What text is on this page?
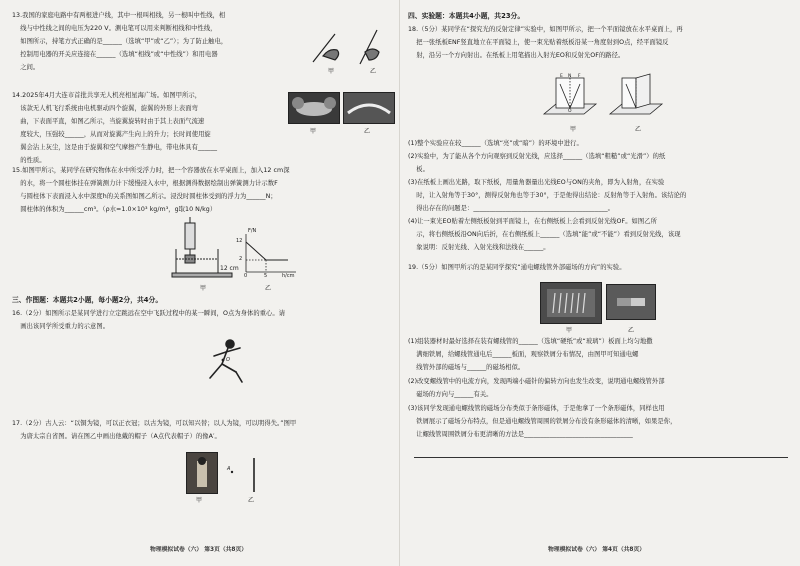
13.我国的家庭电路中有两根进户线，其中一根叫相线，另一根叫中性线，相
线与中性线之间的电压为220 V。测电笔可以用来判断相线和中性线，
如图所示，持笔方式正确的是______（选填“甲”或“乙”）；为了防止触电，
控制用电器的开关应连接在______（选填“相线”或“中性线”）和用电器
之间。
甲	乙
14.2025年4月大连市首批共享无人机亮相星海广场。如图甲所示，
该款无人机飞行系统由电机驱动四个旋翼，旋翼的外形上表面弯
曲，下表面平直，如图乙所示，当旋翼旋转时由于其上表面气流速
度较大，压强较______，从而对旋翼产生向上的升力；长时间使用旋
翼会沾上灰尘，这是由于旋翼和空气摩擦产生静电，带电体具有______
的性质。
15.如图甲所示，某同学在研究物体在水中所受浮力时，把一个容器放在水平桌面上，加入12 cm深
的水，将一个圆柱体挂在弹簧测力计下缓慢浸入水中，根据测得数据绘制出弹簧测力计示数F
与圆柱体下表面浸入水中深度h的关系图如图乙所示。浸没时圆柱体受到的浮力为______N；
圆柱体的体积为______cm³。（ρ水=1.0×10³ kg/m³，g取10 N/kg）
甲	乙
12 cm
甲
F/N
12
2
0	5	h/cm
乙
三、作图题：本题共2小题，每小题2分，共4分。
16.（2分）如图所示是某同学进行立定跳远在空中飞跃过程中的某一瞬间，O点为身体的重心。请
画出该同学所受重力的示意图。
O
17.（2分）古人云：“以铜为镜，可以正衣冠；以古为镜，可以知兴替；以人为镜，可以明得失。”图甲
为唐太宗自省图。请在图乙中画出他戴的帽子（A点代表帽子）的像A′。
A
甲	乙
物理模拟试卷（六） 第3页（共8页）
四、实验题：本题共4小题，共23分。
18.（5分）某同学在“探究光的反射定律”实验中，如图甲所示，把一个平面镜放在水平桌面上，再
把一张纸板ENF竖直地立在平面镜上，使一束光贴着纸板沿某一角度射到O点，经平面镜反
射，沿另一个方向射出。在纸板上用笔描出入射光EO和反射光OF的路径。
E N F
O
甲	乙
(1)整个实验应在较______（选填“亮”或“暗”）的环境中进行。
(2)实验中，为了能从各个方向观察到反射光线，应选择______（选填“粗糙”或“光滑”）的纸
板。
(3)在纸板上画出光路，取下纸板，用量角器量出光线EO与ON的夹角，即为入射角，在实验
时，让入射角等于30°，测得反射角也等于30°，于是他得出结论：反射角等于入射角。该结论的
得出存在的问题是：__________________________________________。
(4)让一束光EO贴着左侧纸板射到平面镜上，在右侧纸板上会看到反射光线OF。如图乙所
示，将右侧纸板沿ON向后折，在右侧纸板上______（选填“能”或“不能”）看到反射光线，该现
象说明：反射光线、入射光线和法线在______。
19.（5分）如图甲所示的是某同学探究“通电螺线管外部磁场的方向”的实验。
甲	乙
(1)组装器材时最好选择在装有螺线管的______（选填“硬纸”或“玻璃”）板面上均匀地撒
满细铁屑，给螺线管通电后______板面，观察铁屑分布情况，由图甲可知通电螺
线管外部的磁场与______的磁场相似。
(2)改变螺线管中的电流方向，发现两端小磁针的偏转方向也发生改变，说明通电螺线管外部
磁场的方向与______有关。
(3)该同学发现通电螺线管的磁场分布类似于条形磁体，于是他拿了一个条形磁体，同样也用
铁屑展示了磁场分布特点，但是通电螺线管周围的铁屑分布没有条形磁体的清晰，如果是你，
让螺线管周围铁屑分布更清晰的方法是__________________________________
物理模拟试卷（六） 第4页（共8页）
